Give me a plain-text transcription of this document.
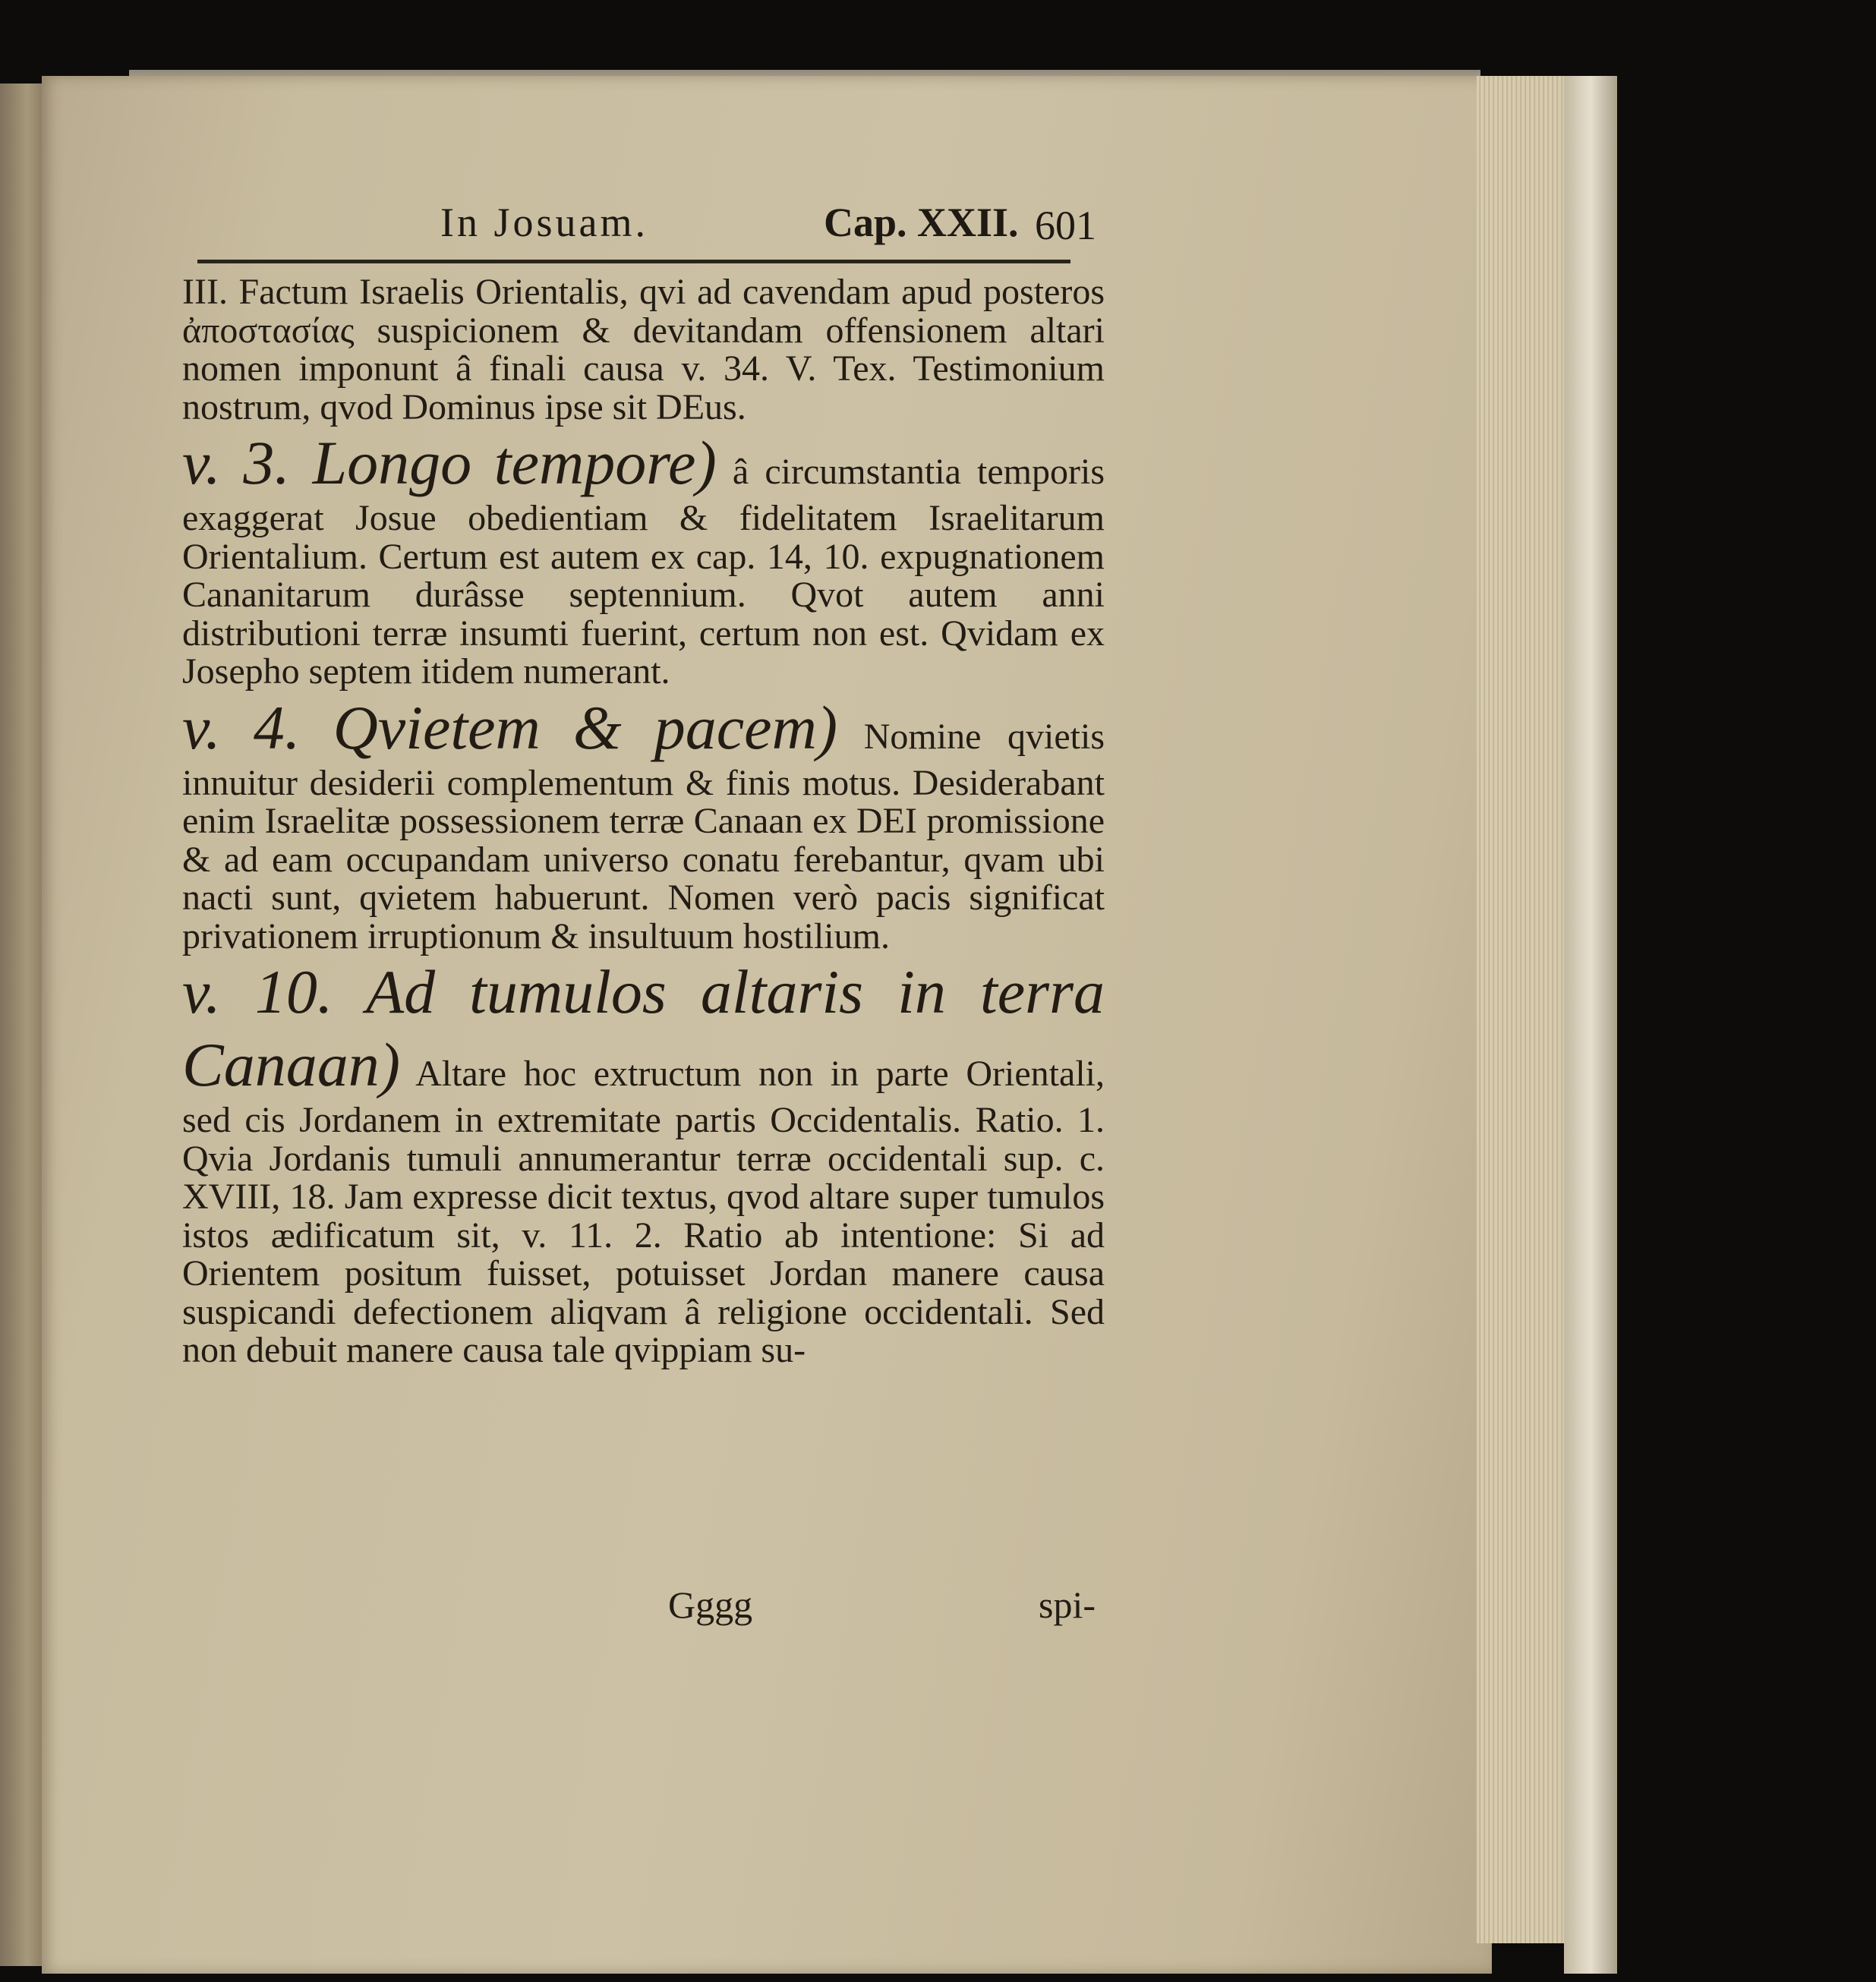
In Josuam.	Cap. XXII. 601

III. Factum Israelis Orientalis, qvi ad cavendam apud posteros ἀποστασίας suspicionem & devitandam offensionem altari nomen imponunt â finali causa v. 34. V. Tex. Testimonium nostrum, qvod Dominus ipse sit DEus.

v. 3. Longo tempore) â circumstantia temporis exaggerat Josue obedientiam & fidelitatem Israelitarum Orientalium. Certum est autem ex cap. 14, 10. expugnationem Cananitarum durâsse septennium. Qvot autem anni distributioni terræ insumti fuerint, certum non est. Qvidam ex Josepho septem itidem numerant.

v. 4. Qvietem & pacem) Nomine qvietis innuitur desiderii complementum & finis motus. Desiderabant enim Israelitæ possessionem terræ Canaan ex DEI promissione & ad eam occupandam universo conatu ferebantur, qvam ubi nacti sunt, qvietem habuerunt. Nomen verò pacis significat privationem irruptionum & insultuum hostilium.

v. 10. Ad tumulos altaris in terra Canaan) Altare hoc extructum non in parte Orientali, sed cis Jordanem in extremitate partis Occidentalis. Ratio. 1. Qvia Jordanis tumuli annumerantur terræ occidentali sup. c. XVIII, 18. Jam expresse dicit textus, qvod altare super tumulos istos ædificatum sit, v. 11. 2. Ratio ab intentione: Si ad Orientem positum fuisset, potuisset Jordan manere causa suspicandi defectionem aliqvam â religione occidentali. Sed non debuit manere causa tale qvippiam su-

Gggg	spi-
